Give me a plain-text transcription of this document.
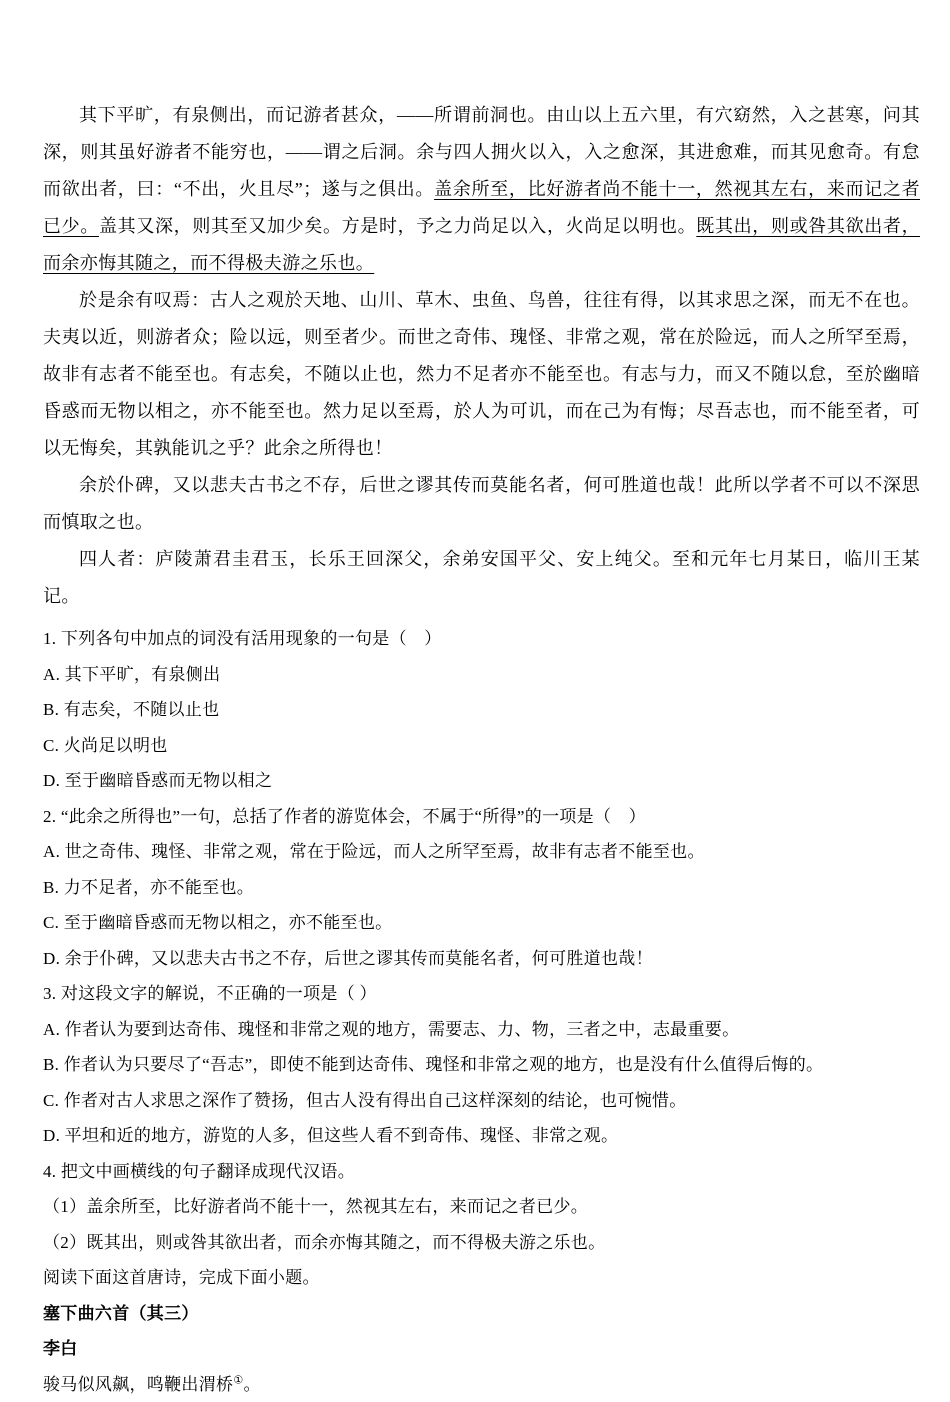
其下平旷，有泉侧出，而记游者甚众，——所谓前洞也。由山以上五六里，有穴窈然，入之甚寒，问其深，则其虽好游者不能穷也，——谓之后洞。余与四人拥火以入，入之愈深，其进愈难，而其见愈奇。有怠而欲出者，曰：“不出，火且尽”；遂与之俱出。盖余所至，比好游者尚不能十一，然视其左右，来而记之者已少。盖其又深，则其至又加少矣。方是时，予之力尚足以入，火尚足以明也。既其出，则或咎其欲出者，而余亦悔其随之，而不得极夫游之乐也。

於是余有叹焉：古人之观於天地、山川、草木、虫鱼、鸟兽，往往有得，以其求思之深，而无不在也。夫夷以近，则游者众；险以远，则至者少。而世之奇伟、瑰怪、非常之观，常在於险远，而人之所罕至焉，故非有志者不能至也。有志矣，不随以止也，然力不足者亦不能至也。有志与力，而又不随以怠，至於幽暗昏惑而无物以相之，亦不能至也。然力足以至焉，於人为可讥，而在己为有悔；尽吾志也，而不能至者，可以无悔矣，其孰能讥之乎？此余之所得也！

余於仆碑，又以悲夫古书之不存，后世之谬其传而莫能名者，何可胜道也哉！此所以学者不可以不深思而慎取之也。

四人者：庐陵萧君圭君玉，长乐王回深父，余弟安国平父、安上纯父。至和元年七月某日，临川王某记。

1. 下列各句中加点的词没有活用现象的一句是（　）

A. 其下平旷，有泉侧出

B. 有志矣，不随以止也

C. 火尚足以明也

D. 至于幽暗昏惑而无物以相之

2. “此余之所得也”一句，总括了作者的游览体会，不属于“所得”的一项是（　）

A. 世之奇伟、瑰怪、非常之观，常在于险远，而人之所罕至焉，故非有志者不能至也。

B. 力不足者，亦不能至也。

C. 至于幽暗昏惑而无物以相之，亦不能至也。

D. 余于仆碑，又以悲夫古书之不存，后世之谬其传而莫能名者，何可胜道也哉！

3. 对这段文字的解说，不正确的一项是（ ）

A. 作者认为要到达奇伟、瑰怪和非常之观的地方，需要志、力、物，三者之中，志最重要。

B. 作者认为只要尽了“吾志”，即使不能到达奇伟、瑰怪和非常之观的地方，也是没有什么值得后悔的。

C. 作者对古人求思之深作了赞扬，但古人没有得出自己这样深刻的结论，也可惋惜。

D. 平坦和近的地方，游览的人多，但这些人看不到奇伟、瑰怪、非常之观。

4. 把文中画横线的句子翻译成现代汉语。

（1）盖余所至，比好游者尚不能十一，然视其左右，来而记之者已少。

（2）既其出，则或咎其欲出者，而余亦悔其随之，而不得极夫游之乐也。

阅读下面这首唐诗，完成下面小题。

塞下曲六首（其三）

李白

骏马似风飙，鸣鞭出渭桥①。
